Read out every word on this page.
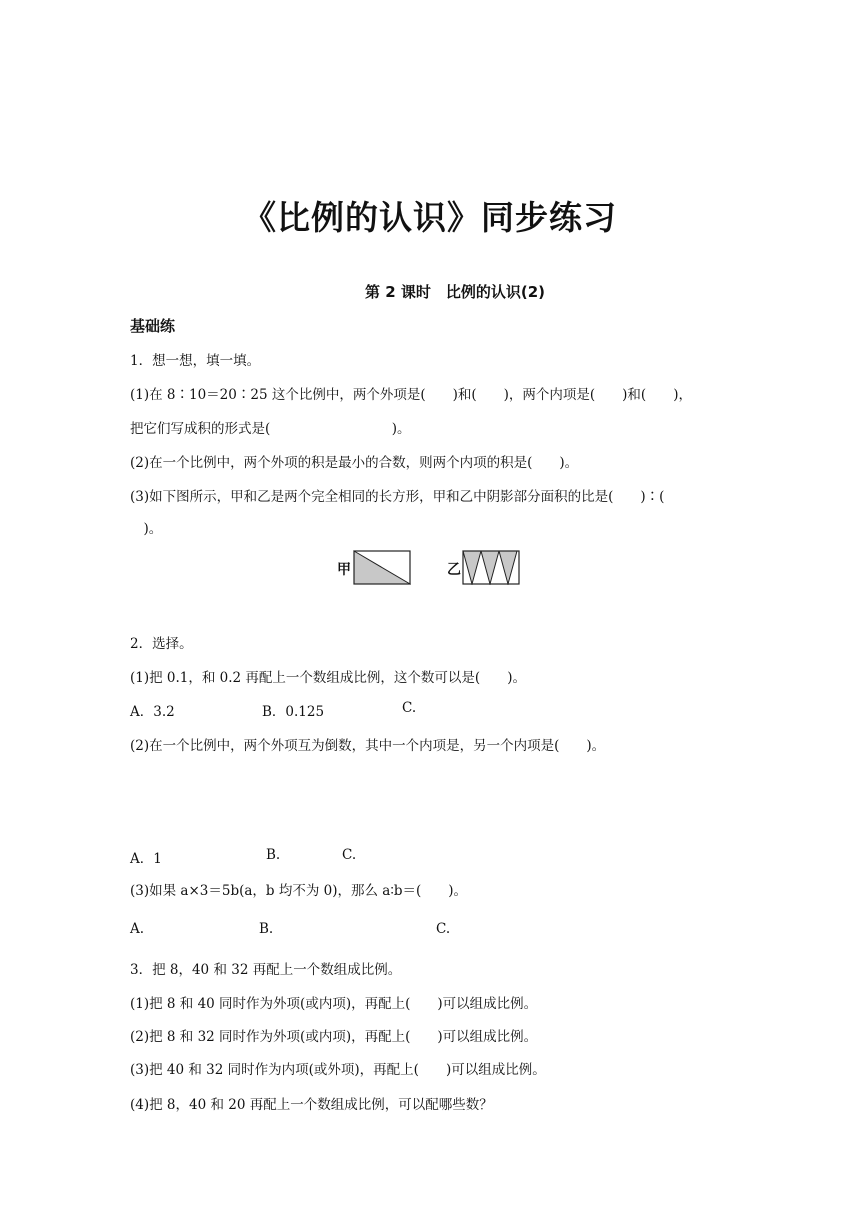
《比例的认识》同步练习
第 2 课时　比例的认识(2)
基础练
1．想一想，填一填。
(1)在 8∶10＝20∶25 这个比例中，两个外项是(　　)和(　　)，两个内项是(　　)和(　　)，
把它们写成积的形式是(　　　　　　　　　)。
(2)在一个比例中，两个外项的积是最小的合数，则两个内项的积是(　　)。
(3)如下图所示，甲和乙是两个完全相同的长方形，甲和乙中阴影部分面积的比是(　　)∶(
　)。
甲	乙
2．选择。
(1)把 0.1，和 0.2 再配上一个数组成比例，这个数可以是(　　)。
A．3.2	B．0.125	C.
(2)在一个比例中，两个外项互为倒数，其中一个内项是，另一个内项是(　　)。
A．1	B.	C.
(3)如果 a×3＝5b(a，b 均不为 0)，那么 a∶b＝(　　)。
A.	B.	C.
3．把 8，40 和 32 再配上一个数组成比例。
(1)把 8 和 40 同时作为外项(或内项)，再配上(　　)可以组成比例。
(2)把 8 和 32 同时作为外项(或内项)，再配上(　　)可以组成比例。
(3)把 40 和 32 同时作为内项(或外项)，再配上(　　)可以组成比例。
(4)把 8，40 和 20 再配上一个数组成比例，可以配哪些数？
